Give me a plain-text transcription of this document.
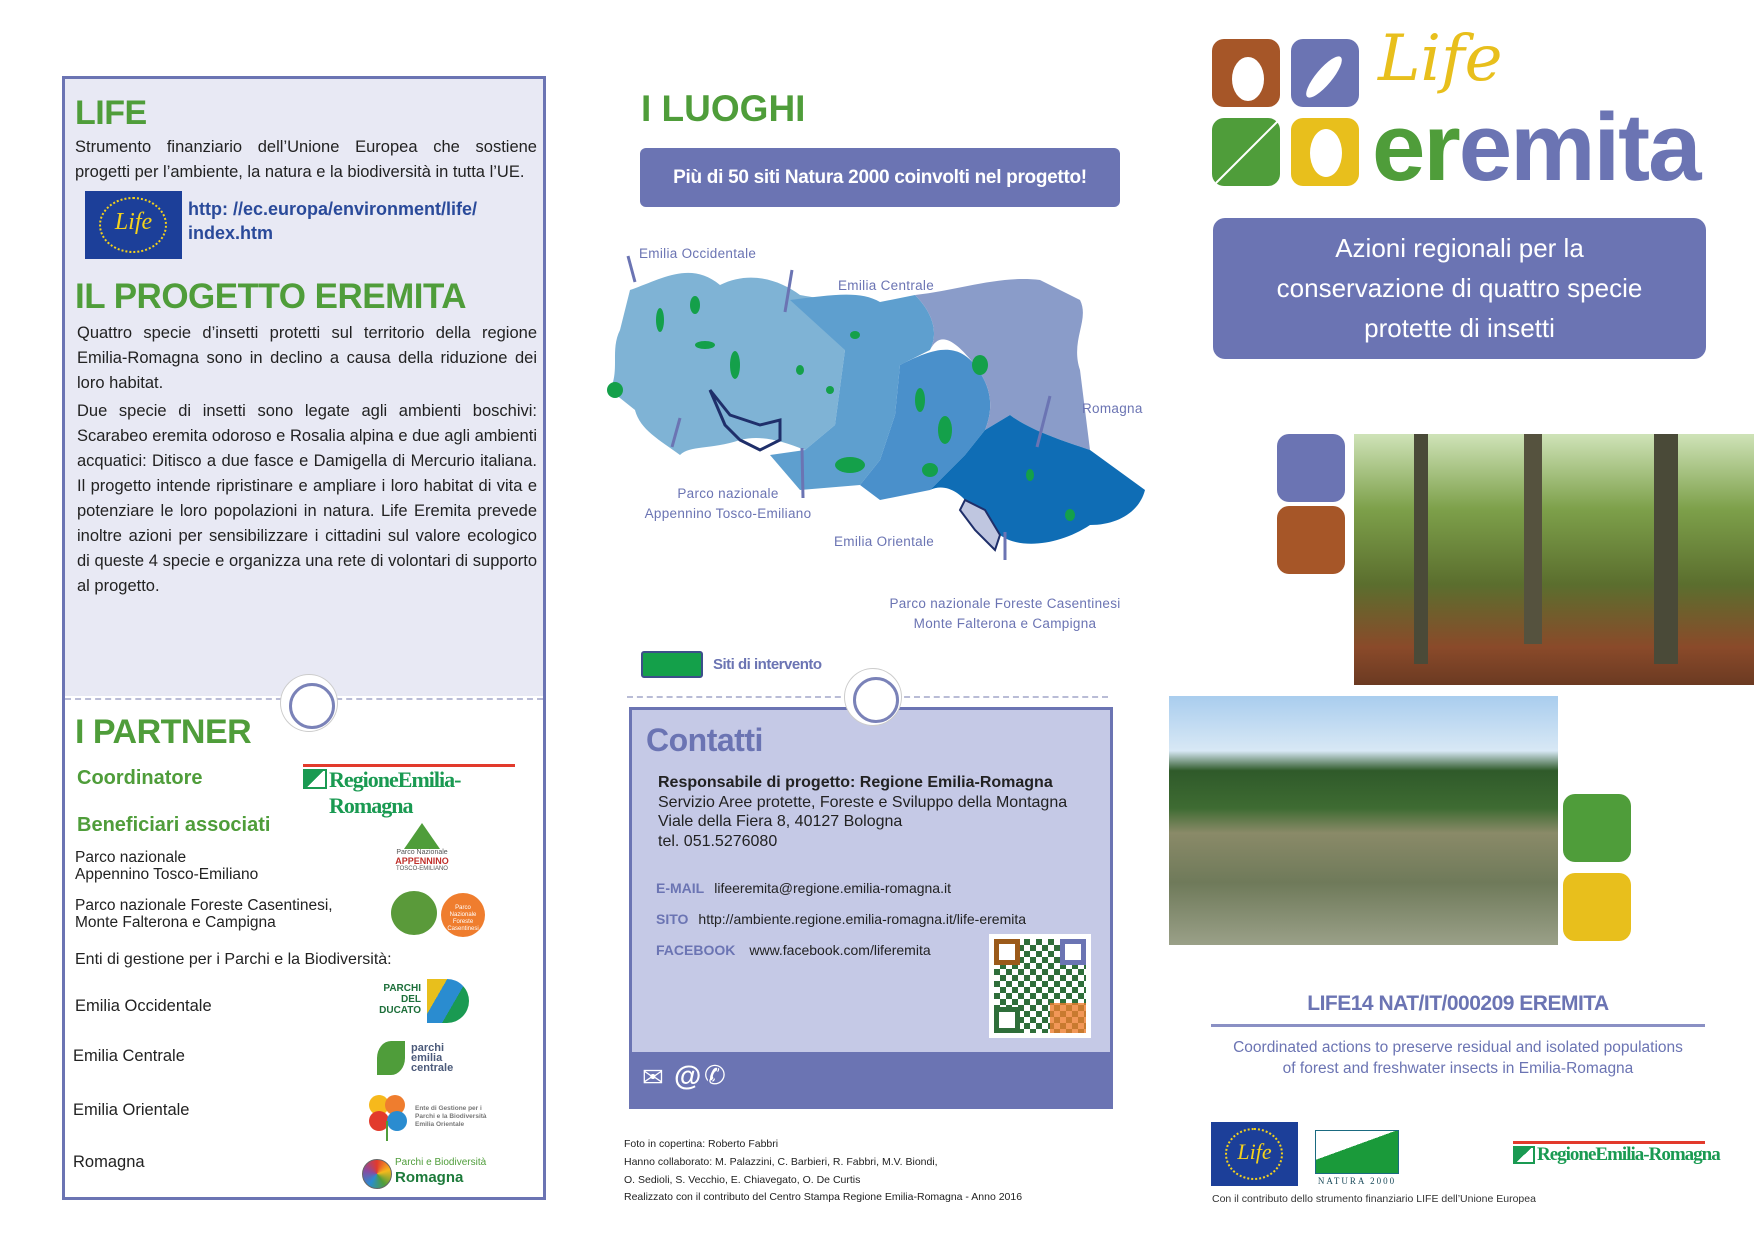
LIFE
Strumento finanziario dell’Unione Europea che sostiene progetti per l’ambiente, la natura e la biodiversità in tutta l’UE.
Life	http: //ec.europa/environment/life/
index.htm
IL PROGETTO EREMITA
Quattro specie d’insetti protetti sul territorio della regione Emilia-Romagna sono in declino a causa della riduzione dei loro habitat.
Due specie di insetti sono legate agli ambienti boschivi: Scarabeo eremita odoroso e Rosalia alpina e due agli ambienti acquatici: Ditisco a due fasce e Damigella di Mercurio italiana. Il progetto intende ripristinare e ampliare i loro habitat di vita e potenziare le loro popolazioni in natura. Life Eremita prevede inoltre azioni per sensibilizzare i cittadini sul valore ecologico di queste 4 specie e organizza una rete di volontari di supporto al progetto.
I PARTNER
Coordinatore	RegioneEmilia-Romagna
Beneficiari associati
Parco nazionale
Appennino Tosco-Emiliano
Parco Nazionale
APPENNINO
TOSCO-EMILIANO
Parco nazionale Foreste Casentinesi,
Monte Falterona e Campigna
Parco Nazionale Foreste Casentinesi
Enti di gestione per i Parchi e la Biodiversità:
Emilia Occidentale
PARCHI
DEL
DUCATO
Emilia Centrale	parchi
emilia
centrale
Emilia Orientale	Ente di Gestione per i
Parchi e la Biodiversità
Emilia Orientale
Romagna	Parchi e Biodiversità
Romagna
I LUOGHI
Più di 50 siti Natura 2000 coinvolti nel progetto!
Emilia Occidentale
Emilia Centrale
Romagna
Parco nazionale
Appennino Tosco-Emiliano
Emilia Orientale
Parco nazionale Foreste Casentinesi
Monte Falterona e Campigna
Siti di intervento
Contatti
Responsabile di progetto: Regione Emilia-Romagna
Servizio Aree protette, Foreste e Sviluppo della Montagna
Viale della Fiera 8, 40127 Bologna
tel. 051.5276080
E-MAIL lifeeremita@regione.emilia-romagna.it
SITO http://ambiente.regione.emilia-romagna.it/life-eremita
FACEBOOK www.facebook.com/liferemita
✉ @ ✆
Foto in copertina: Roberto Fabbri
Hanno collaborato: M. Palazzini, C. Barbieri, R. Fabbri, M.V. Biondi,
O. Sedioli, S. Vecchio, E. Chiavegato, O. De Curtis
Realizzato con il contributo del Centro Stampa Regione Emilia-Romagna - Anno 2016
Life
eremita
Azioni regionali per la
conservazione di quattro specie
protette di insetti
LIFE14 NAT/IT/000209 EREMITA
Coordinated actions to preserve residual and isolated populations
of forest and freshwater insects in Emilia-Romagna
Life
NATURA 2000
RegioneEmilia-Romagna
Con il contributo dello strumento finanziario LIFE dell’Unione Europea
